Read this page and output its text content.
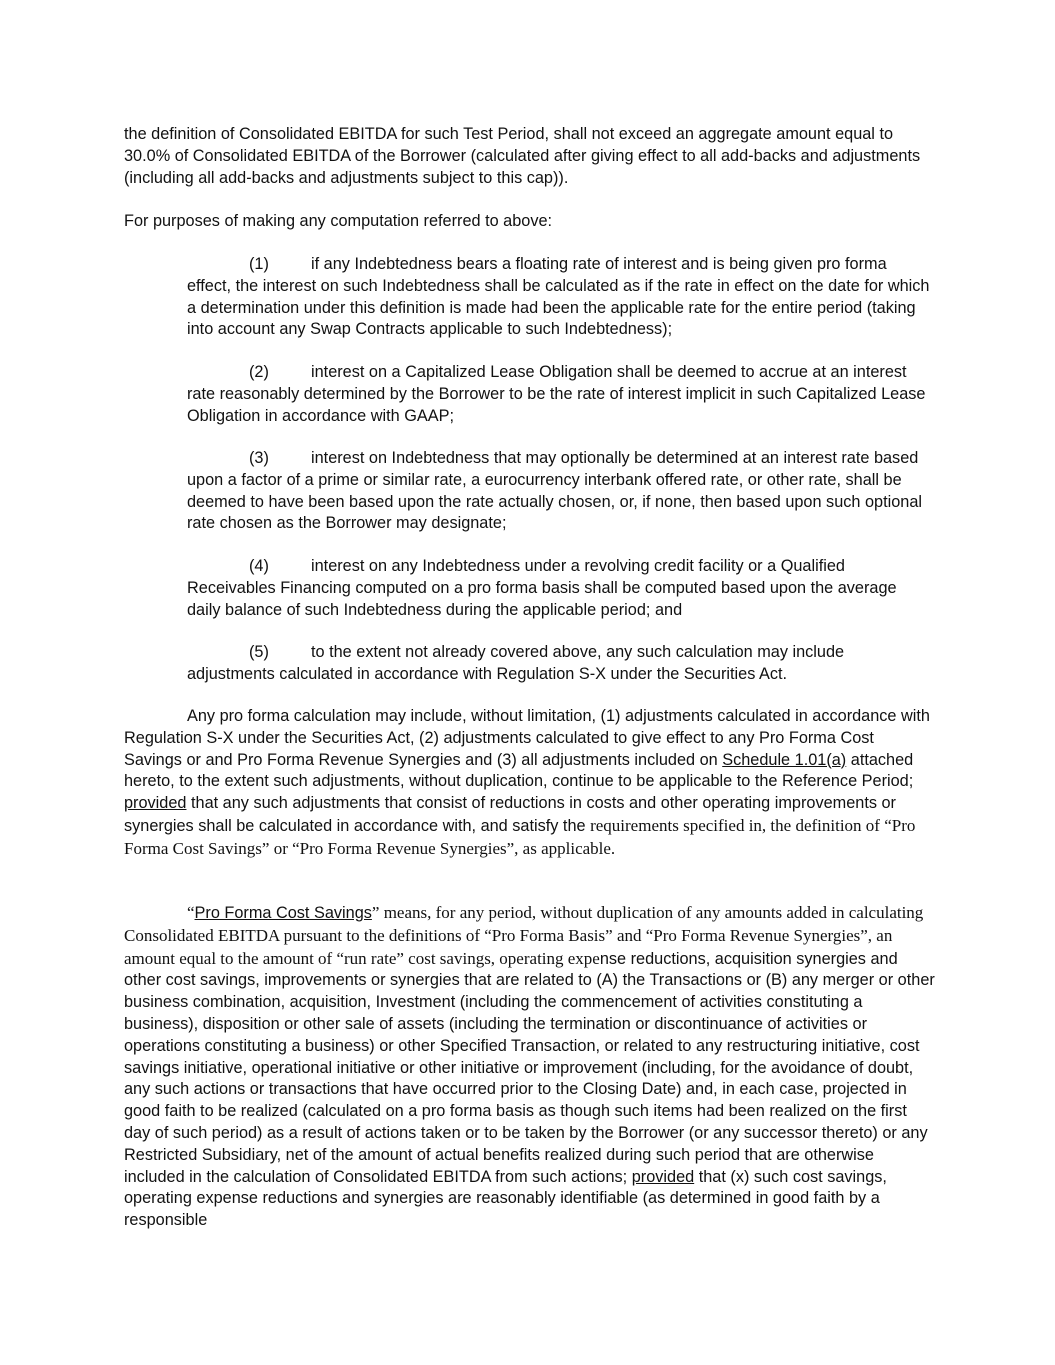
the definition of Consolidated EBITDA for such Test Period, shall not exceed an aggregate amount equal to 30.0% of Consolidated EBITDA of the Borrower (calculated after giving effect to all add-backs and adjustments (including all add-backs and adjustments subject to this cap)).

For purposes of making any computation referred to above:

(1)	if any Indebtedness bears a floating rate of interest and is being given pro forma effect, the interest on such Indebtedness shall be calculated as if the rate in effect on the date for which a determination under this definition is made had been the applicable rate for the entire period (taking into account any Swap Contracts applicable to such Indebtedness);

(2)	interest on a Capitalized Lease Obligation shall be deemed to accrue at an interest rate reasonably determined by the Borrower to be the rate of interest implicit in such Capitalized Lease Obligation in accordance with GAAP;

(3)	interest on Indebtedness that may optionally be determined at an interest rate based upon a factor of a prime or similar rate, a eurocurrency interbank offered rate, or other rate, shall be deemed to have been based upon the rate actually chosen, or, if none, then based upon such optional rate chosen as the Borrower may designate;

(4)	interest on any Indebtedness under a revolving credit facility or a Qualified Receivables Financing computed on a pro forma basis shall be computed based upon the average daily balance of such Indebtedness during the applicable period; and

(5)	to the extent not already covered above, any such calculation may include adjustments calculated in accordance with Regulation S-X under the Securities Act.

Any pro forma calculation may include, without limitation, (1) adjustments calculated in accordance with Regulation S-X under the Securities Act, (2) adjustments calculated to give effect to any Pro Forma Cost Savings or and Pro Forma Revenue Synergies and (3) all adjustments included on Schedule 1.01(a) attached hereto, to the extent such adjustments, without duplication, continue to be applicable to the Reference Period; provided that any such adjustments that consist of reductions in costs and other operating improvements or synergies shall be calculated in accordance with, and satisfy the requirements specified in, the definition of “Pro Forma Cost Savings” or “Pro Forma Revenue Synergies”, as applicable.

“Pro Forma Cost Savings” means, for any period, without duplication of any amounts added in calculating Consolidated EBITDA pursuant to the definitions of “Pro Forma Basis” and “Pro Forma Revenue Synergies”, an amount equal to the amount of “run rate” cost savings, operating expense reductions, acquisition synergies and other cost savings, improvements or synergies that are related to (A) the Transactions or (B) any merger or other business combination, acquisition, Investment (including the commencement of activities constituting a business), disposition or other sale of assets (including the termination or discontinuance of activities or operations constituting a business) or other Specified Transaction, or related to any restructuring initiative, cost savings initiative, operational initiative or other initiative or improvement (including, for the avoidance of doubt, any such actions or transactions that have occurred prior to the Closing Date) and, in each case, projected in good faith to be realized (calculated on a pro forma basis as though such items had been realized on the first day of such period) as a result of actions taken or to be taken by the Borrower (or any successor thereto) or any Restricted Subsidiary, net of the amount of actual benefits realized during such period that are otherwise included in the calculation of Consolidated EBITDA from such actions; provided that (x) such cost savings, operating expense reductions and synergies are reasonably identifiable (as determined in good faith by a responsible
